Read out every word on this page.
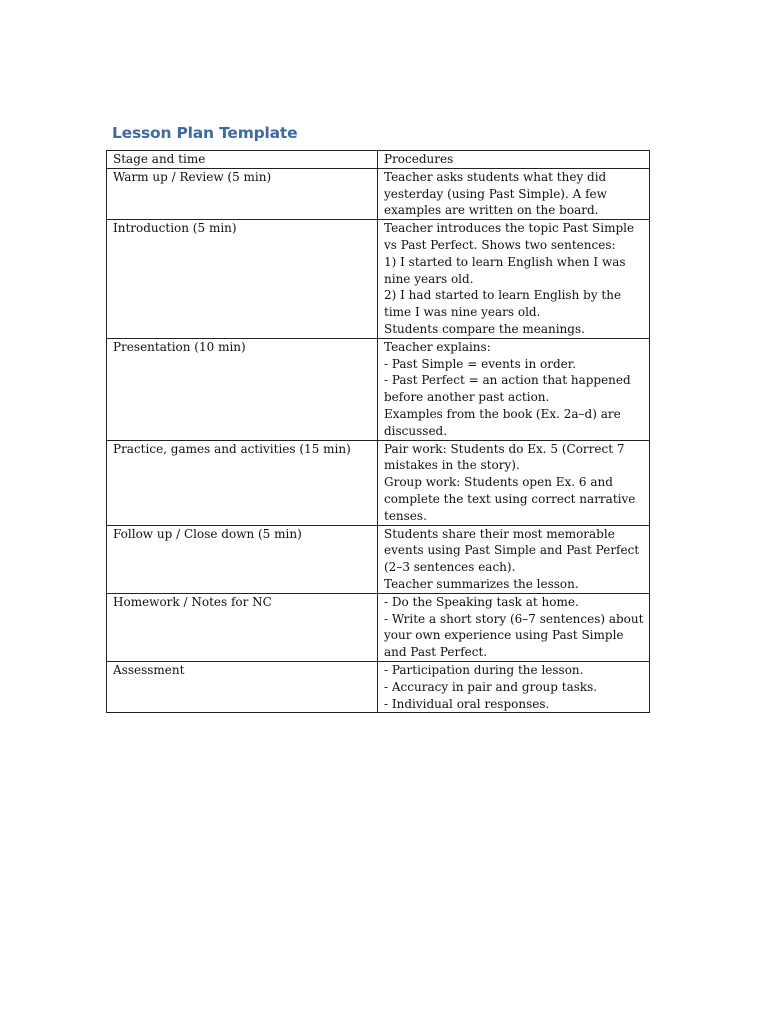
Lesson Plan Template
Stage and time	Procedures
Warm up / Review (5 min)	Teacher asks students what they did yesterday (using Past Simple). A few examples are written on the board.
Introduction (5 min)	Teacher introduces the topic Past Simple vs Past Perfect. Shows two sentences:
1) I started to learn English when I was nine years old.
2) I had started to learn English by the time I was nine years old.
Students compare the meanings.
Presentation (10 min)	Teacher explains:
- Past Simple = events in order.
- Past Perfect = an action that happened before another past action.
Examples from the book (Ex. 2a–d) are discussed.
Practice, games and activities (15 min)	Pair work: Students do Ex. 5 (Correct 7 mistakes in the story).
Group work: Students open Ex. 6 and complete the text using correct narrative tenses.
Follow up / Close down (5 min)	Students share their most memorable events using Past Simple and Past Perfect (2–3 sentences each).
Teacher summarizes the lesson.
Homework / Notes for NC	- Do the Speaking task at home.
- Write a short story (6–7 sentences) about your own experience using Past Simple and Past Perfect.
Assessment	- Participation during the lesson.
- Accuracy in pair and group tasks.
- Individual oral responses.
